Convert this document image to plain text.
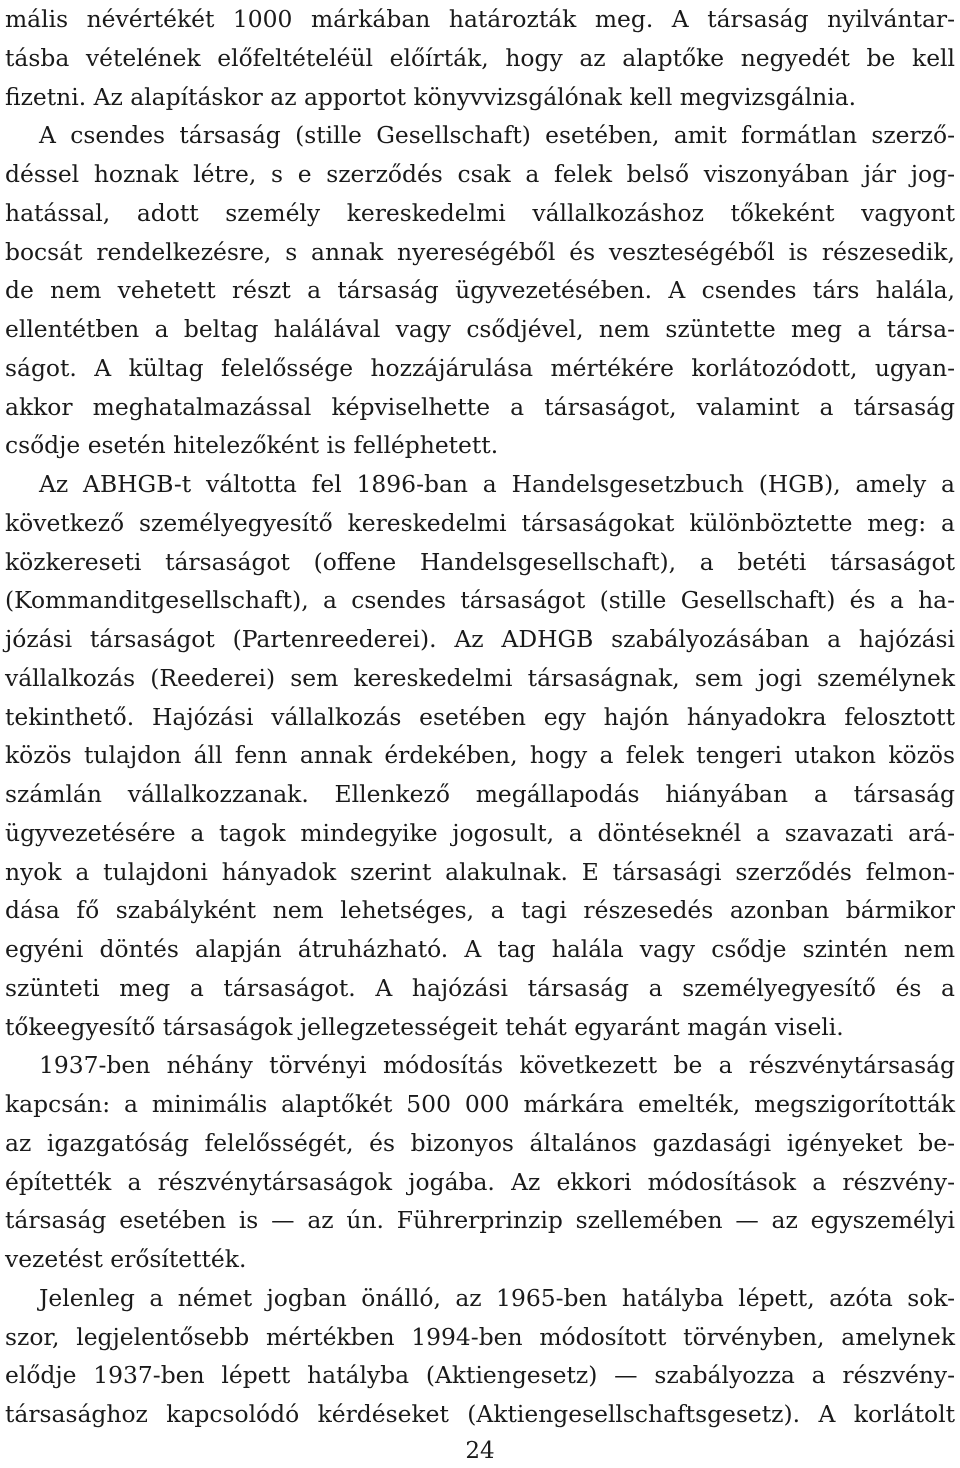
mális névértékét 1000 márkában határozták meg. A társaság nyilvántar-
tásba vételének előfeltételéül előírták, hogy az alaptőke negyedét be kell
fizetni. Az alapításkor az apportot könyvvizsgálónak kell megvizsgálnia.
A csendes társaság (stille Gesellschaft) esetében, amit formátlan szerző-
déssel hoznak létre, s e szerződés csak a felek belső viszonyában jár jog-
hatással, adott személy kereskedelmi vállalkozáshoz tőkeként vagyont
bocsát rendelkezésre, s annak nyereségéből és veszteségéből is részesedik,
de nem vehetett részt a társaság ügyvezetésében. A csendes társ halála,
ellentétben a beltag halálával vagy csődjével, nem szüntette meg a társa-
ságot. A kültag felelőssége hozzájárulása mértékére korlátozódott, ugyan-
akkor meghatalmazással képviselhette a társaságot, valamint a társaság
csődje esetén hitelezőként is felléphetett.
Az ABHGB-t váltotta fel 1896-ban a Handelsgesetzbuch (HGB), amely a
következő személyegyesítő kereskedelmi társaságokat különböztette meg: a
közkereseti társaságot (offene Handelsgesellschaft), a betéti társaságot
(Kommanditgesellschaft), a csendes társaságot (stille Gesellschaft) és a ha-
józási társaságot (Partenreederei). Az ADHGB szabályozásában a hajózási
vállalkozás (Reederei) sem kereskedelmi társaságnak, sem jogi személynek
tekinthető. Hajózási vállalkozás esetében egy hajón hányadokra felosztott
közös tulajdon áll fenn annak érdekében, hogy a felek tengeri utakon közös
számlán vállalkozzanak. Ellenkező megállapodás hiányában a társaság
ügyvezetésére a tagok mindegyike jogosult, a döntéseknél a szavazati ará-
nyok a tulajdoni hányadok szerint alakulnak. E társasági szerződés felmon-
dása fő szabályként nem lehetséges, a tagi részesedés azonban bármikor
egyéni döntés alapján átruházható. A tag halála vagy csődje szintén nem
szünteti meg a társaságot. A hajózási társaság a személyegyesítő és a
tőkeegyesítő társaságok jellegzetességeit tehát egyaránt magán viseli.
1937-ben néhány törvényi módosítás következett be a részvénytársaság
kapcsán: a minimális alaptőkét 500 000 márkára emelték, megszigorították
az igazgatóság felelősségét, és bizonyos általános gazdasági igényeket be-
építették a részvénytársaságok jogába. Az ekkori módosítások a részvény-
társaság esetében is — az ún. Führerprinzip szellemében — az egyszemélyi
vezetést erősítették.
Jelenleg a német jogban önálló, az 1965-ben hatályba lépett, azóta sok-
szor, legjelentősebb mértékben 1994-ben módosított törvényben, amelynek
elődje 1937-ben lépett hatályba (Aktiengesetz) — szabályozza a részvény-
társasághoz kapcsolódó kérdéseket (Aktiengesellschaftsgesetz). A korlátolt
24
